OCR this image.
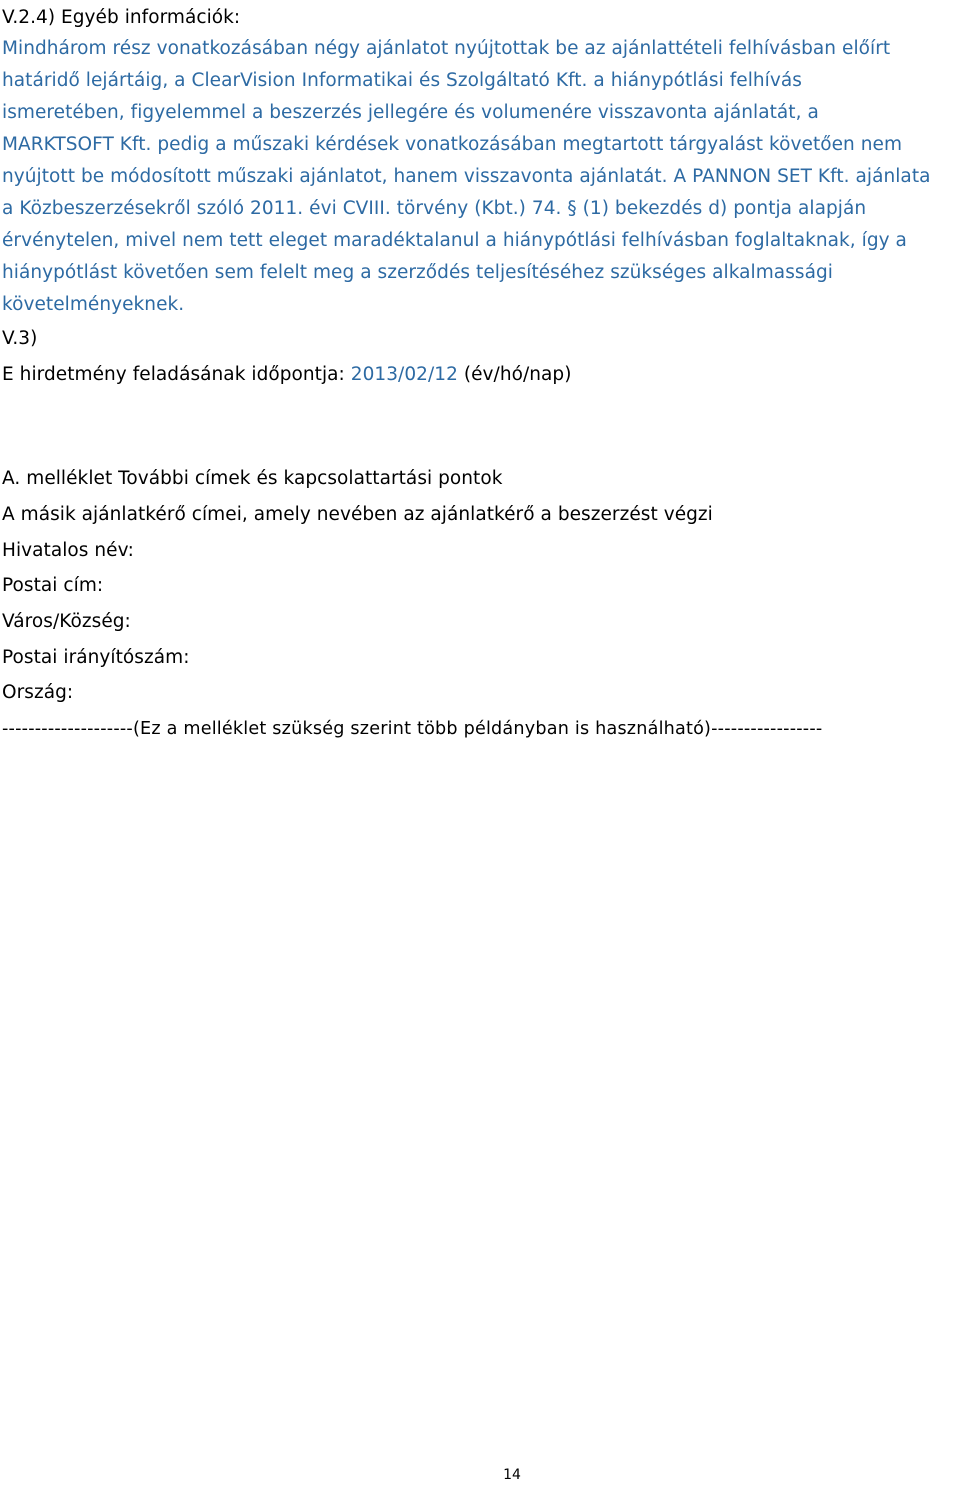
V.2.4) Egyéb információk:
Mindhárom rész vonatkozásában négy ajánlatot nyújtottak be az ajánlattételi felhívásban előírt
határidő lejártáig, a ClearVision Informatikai és Szolgáltató Kft. a hiánypótlási felhívás
ismeretében, figyelemmel a beszerzés jellegére és volumenére visszavonta ajánlatát, a
MARKTSOFT Kft. pedig a műszaki kérdések vonatkozásában megtartott tárgyalást követően nem
nyújtott be módosított műszaki ajánlatot, hanem visszavonta ajánlatát. A PANNON SET Kft. ajánlata
a Közbeszerzésekről szóló 2011. évi CVIII. törvény (Kbt.) 74. § (1) bekezdés d) pontja alapján
érvénytelen, mivel nem tett eleget maradéktalanul a hiánypótlási felhívásban foglaltaknak, így a
hiánypótlást követően sem felelt meg a szerződés teljesítéséhez szükséges alkalmassági
követelményeknek.
V.3)
E hirdetmény feladásának időpontja: 2013/02/12 (év/hó/nap)
A. melléklet További címek és kapcsolattartási pontok
A másik ajánlatkérő címei, amely nevében az ajánlatkérő a beszerzést végzi
Hivatalos név:
Postai cím:
Város/Község:
Postai irányítószám:
Ország:
--------------------(Ez a melléklet szükség szerint több példányban is használható)-----------------
14
